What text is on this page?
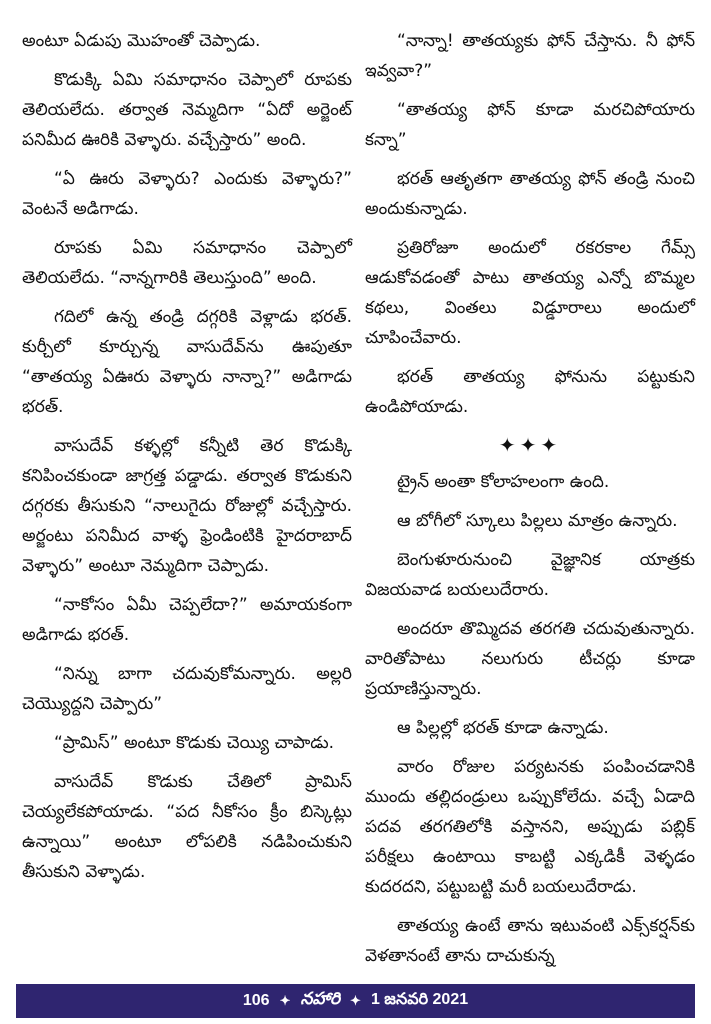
అంటూ ఏడుపు మొహంతో చెప్పాడు.

కొడుక్కి ఏమి సమాధానం చెప్పాలో రూపకు తెలియలేదు. తర్వాత నెమ్మదిగా “ఏదో అర్జెంట్ పనిమీద ఊరికి వెళ్ళారు. వచ్చేస్తారు” అంది.

“ఏ ఊరు వెళ్ళారు? ఎందుకు వెళ్ళారు?” వెంటనే అడిగాడు.

రూపకు ఏమి సమాధానం చెప్పాలో తెలియలేదు. “నాన్నగారికి తెలుస్తుంది” అంది.

గదిలో ఉన్న తండ్రి దగ్గరికి వెళ్లాడు భరత్. కుర్చీలో కూర్చున్న వాసుదేవ్‌ను ఊపుతూ “తాతయ్య ఏఊరు వెళ్ళారు నాన్నా?” అడిగాడు భరత్.

వాసుదేవ్ కళ్ళల్లో కన్నీటి తెర కొడుక్కి కనిపించకుండా జాగ్రత్త పడ్డాడు. తర్వాత కొడుకుని దగ్గరకు తీసుకుని “నాలుగైదు రోజుల్లో వచ్చేస్తారు. అర్జంటు పనిమీద వాళ్ళ ఫ్రెండింటికి హైదరాబాద్ వెళ్ళారు” అంటూ నెమ్మదిగా చెప్పాడు.

“నాకోసం ఏమీ చెప్పలేదా?” అమాయకంగా అడిగాడు భరత్.

“నిన్ను బాగా చదువుకోమన్నారు. అల్లరి చెయ్యొద్దని చెప్పారు”

“ప్రామిస్” అంటూ కొడుకు చెయ్యి చాపాడు.

వాసుదేవ్ కొడుకు చేతిలో ప్రామిస్ చెయ్యలేకపోయాడు. “పద నీకోసం క్రీం బిస్కెట్లు ఉన్నాయి” అంటూ లోపలికి నడిపించుకుని తీసుకుని వెళ్ళాడు.

“నాన్నా! తాతయ్యకు ఫోన్ చేస్తాను. నీ ఫోన్ ఇవ్వవా?”

“తాతయ్య ఫోన్ కూడా మరచిపోయారు కన్నా”

భరత్ ఆతృతగా తాతయ్య ఫోన్ తండ్రి నుంచి అందుకున్నాడు.

ప్రతిరోజూ అందులో రకరకాల గేమ్స్ ఆడుకోవడంతో పాటు తాతయ్య ఎన్నో బొమ్మల కథలు, వింతలు విడ్డూరాలు అందులో చూపించేవారు.

భరత్ తాతయ్య ఫోనును పట్టుకుని ఉండిపోయాడు.

✦✦✦

ట్రైన్ అంతా కోలాహలంగా ఉంది.

ఆ బోగీలో స్కూలు పిల్లలు మాత్రం ఉన్నారు.

బెంగుళూరునుంచి వైజ్ఞానిక యాత్రకు విజయవాడ బయలుదేరారు.

అందరూ తొమ్మిదవ తరగతి చదువుతున్నారు. వారితోపాటు నలుగురు టీచర్లు కూడా ప్రయాణిస్తున్నారు.

ఆ పిల్లల్లో భరత్ కూడా ఉన్నాడు.

వారం రోజుల పర్యటనకు పంపించడానికి ముందు తల్లిదండ్రులు ఒప్పుకోలేదు. వచ్చే ఏడాది పదవ తరగతిలోకి వస్తానని, అప్పుడు పబ్లిక్ పరీక్షలు ఉంటాయి కాబట్టి ఎక్కడికీ వెళ్ళడం కుదరదని, పట్టుబట్టి మరీ బయలుదేరాడు.

తాతయ్య ఉంటే తాను ఇటువంటి ఎక్స్‌కర్షన్‌కు వెళతానంటే తాను దాచుకున్న

106 ✦ నహారి ✦ 1 జనవరి 2021
